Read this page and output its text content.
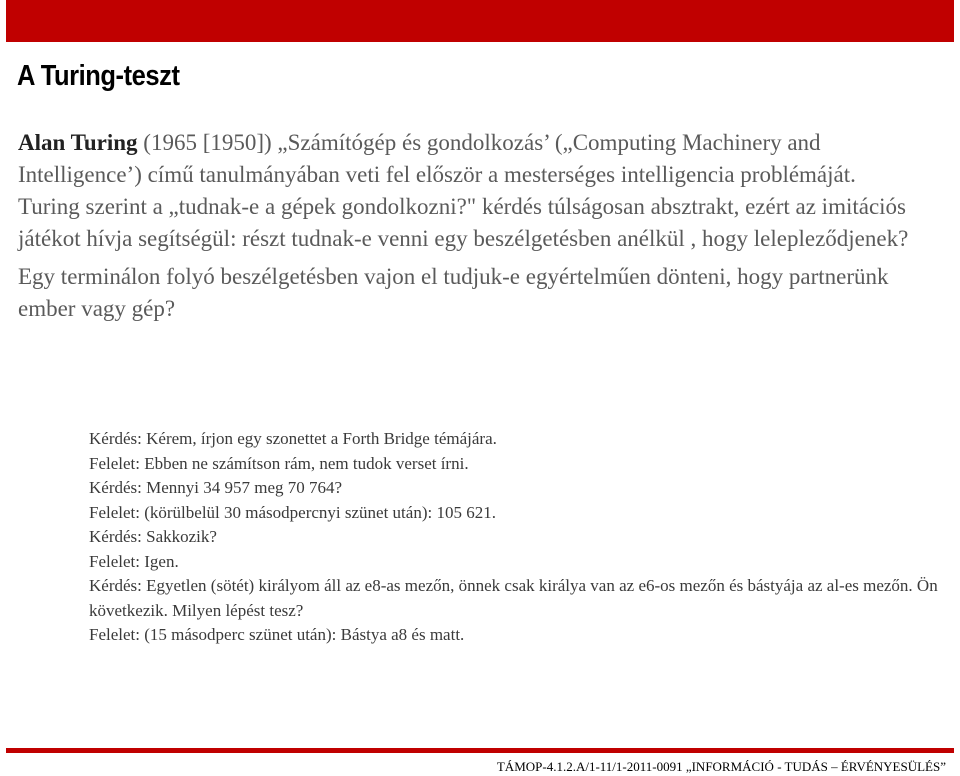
A Turing-teszt

Alan Turing (1965 [1950]) „Számítógép és gondolkozás’ („Computing Machinery and Intelligence’) című tanulmányában veti fel először a mesterséges intelligencia problémáját.

Turing szerint a „tudnak-e a gépek gondolkozni?" kérdés túlságosan absztrakt, ezért az imitációs játékot hívja segítségül: részt tudnak-e venni egy beszélgetésben anélkül , hogy lelepleződjenek?

Egy terminálon folyó beszélgetésben vajon el tudjuk-e egyértelműen dönteni, hogy partnerünk ember vagy gép?

Kérdés: Kérem, írjon egy szonettet a Forth Bridge témájára.
Felelet: Ebben ne számítson rám, nem tudok verset írni.
Kérdés: Mennyi 34 957 meg 70 764?
Felelet: (körülbelül 30 másodpercnyi szünet után): 105 621.
Kérdés: Sakkozik?
Felelet: Igen.
Kérdés: Egyetlen (sötét) királyom áll az e8-as mezőn, önnek csak királya van az e6-os mezőn és bástyája az al-es mezőn. Ön következik. Milyen lépést tesz?
Felelet: (15 másodperc szünet után): Bástya a8 és matt.
TÁMOP-4.1.2.A/1-11/1-2011-0091 „INFORMÁCIÓ - TUDÁS – ÉRVÉNYESÜLÉS”
